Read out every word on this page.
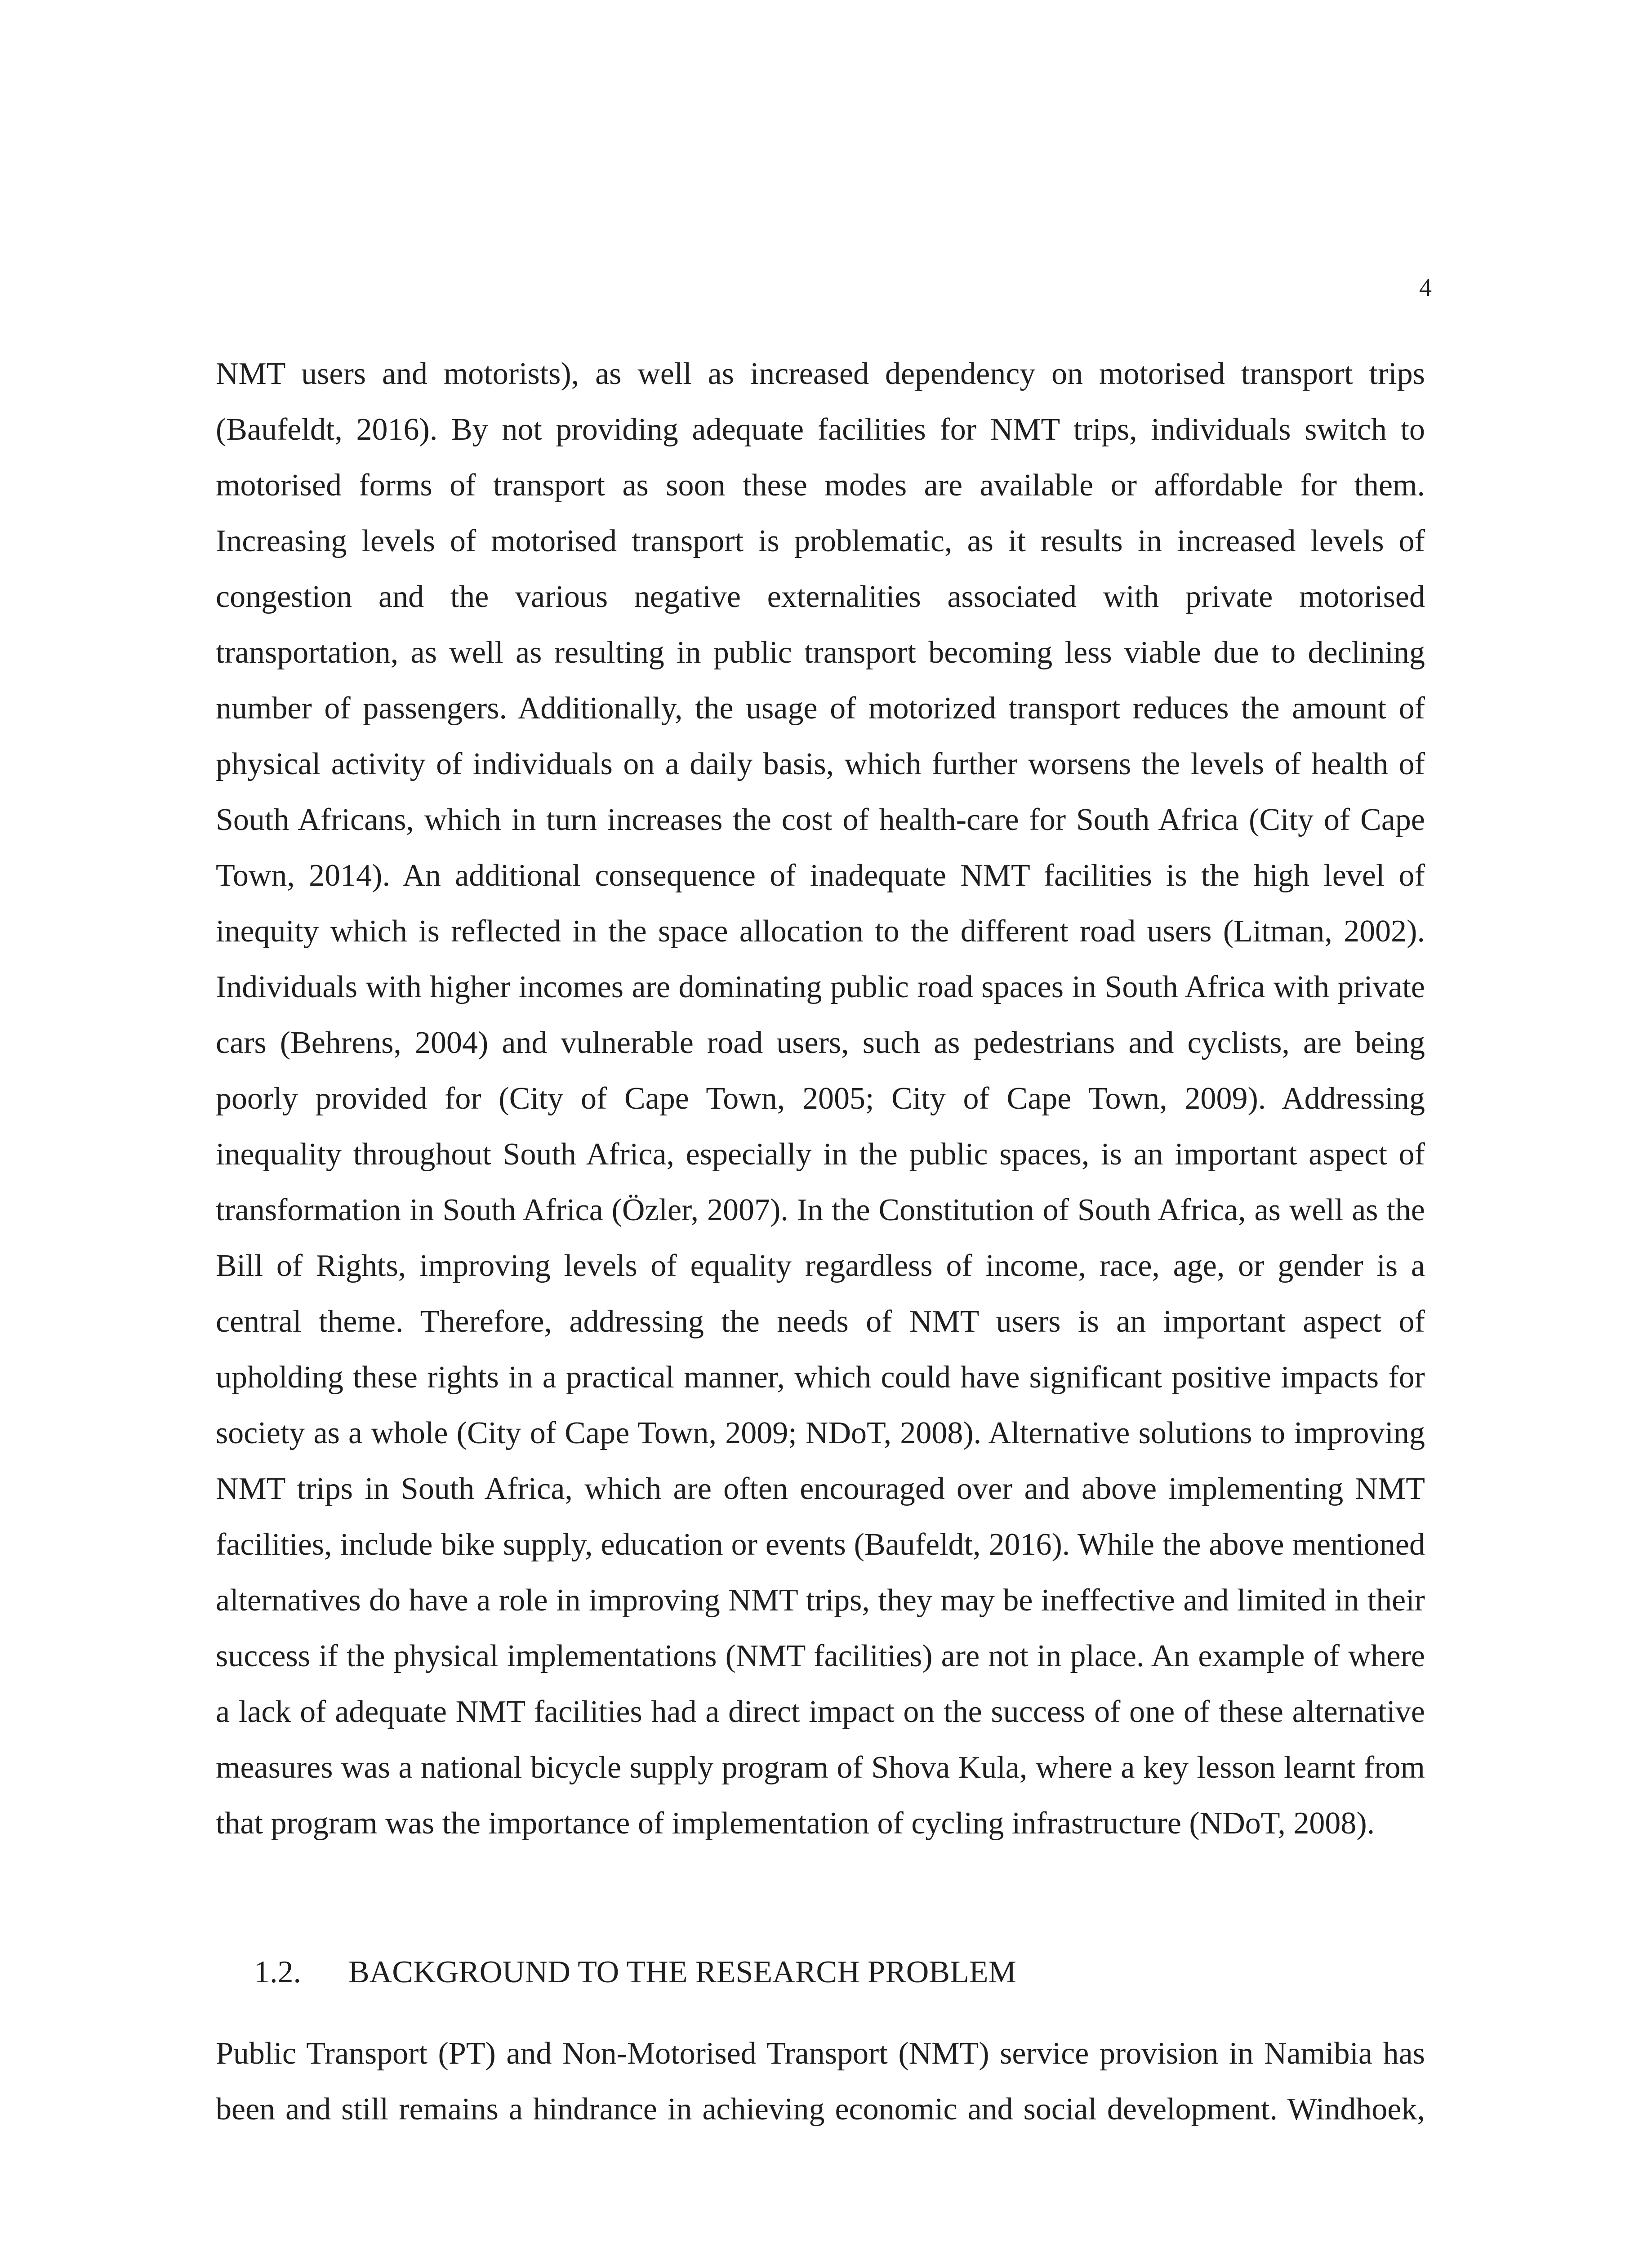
4

NMT users and motorists), as well as increased dependency on motorised transport trips (Baufeldt, 2016). By not providing adequate facilities for NMT trips, individuals switch to motorised forms of transport as soon these modes are available or affordable for them. Increasing levels of motorised transport is problematic, as it results in increased levels of congestion and the various negative externalities associated with private motorised transportation, as well as resulting in public transport becoming less viable due to declining number of passengers. Additionally, the usage of motorized transport reduces the amount of physical activity of individuals on a daily basis, which further worsens the levels of health of South Africans, which in turn increases the cost of health-care for South Africa (City of Cape Town, 2014). An additional consequence of inadequate NMT facilities is the high level of inequity which is reflected in the space allocation to the different road users (Litman, 2002). Individuals with higher incomes are dominating public road spaces in South Africa with private cars (Behrens, 2004) and vulnerable road users, such as pedestrians and cyclists, are being poorly provided for (City of Cape Town, 2005; City of Cape Town, 2009). Addressing inequality throughout South Africa, especially in the public spaces, is an important aspect of transformation in South Africa (Özler, 2007). In the Constitution of South Africa, as well as the Bill of Rights, improving levels of equality regardless of income, race, age, or gender is a central theme. Therefore, addressing the needs of NMT users is an important aspect of upholding these rights in a practical manner, which could have significant positive impacts for society as a whole (City of Cape Town, 2009; NDoT, 2008). Alternative solutions to improving NMT trips in South Africa, which are often encouraged over and above implementing NMT facilities, include bike supply, education or events (Baufeldt, 2016). While the above mentioned alternatives do have a role in improving NMT trips, they may be ineffective and limited in their success if the physical implementations (NMT facilities) are not in place. An example of where a lack of adequate NMT facilities had a direct impact on the success of one of these alternative measures was a national bicycle supply program of Shova Kula, where a key lesson learnt from that program was the importance of implementation of cycling infrastructure (NDoT, 2008).

1.2. BACKGROUND TO THE RESEARCH PROBLEM

Public Transport (PT) and Non-Motorised Transport (NMT) service provision in Namibia has been and still remains a hindrance in achieving economic and social development. Windhoek,
